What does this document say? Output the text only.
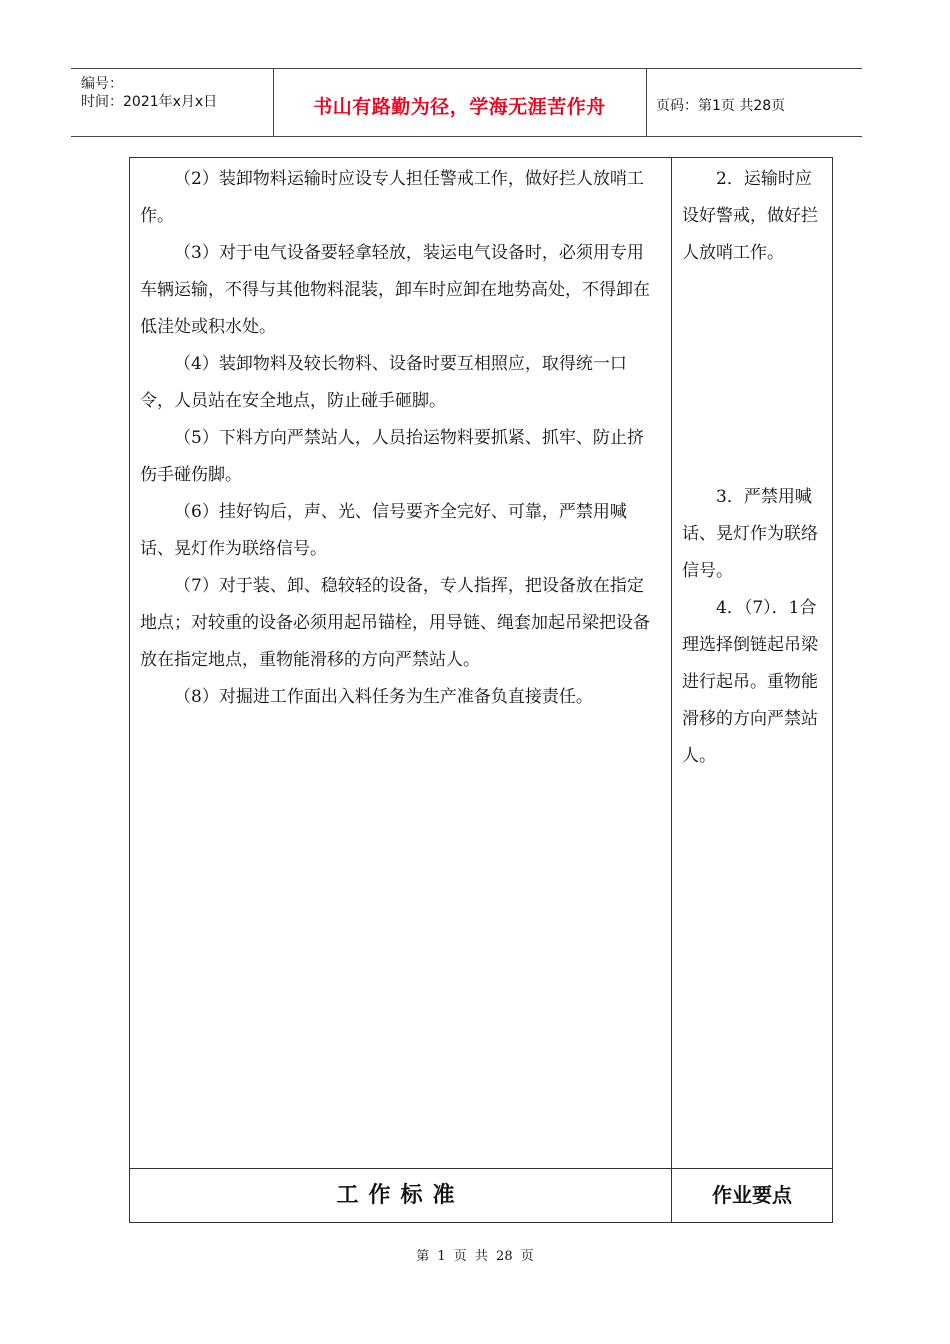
编号：
时间：2021年x月x日	书山有路勤为径，学海无涯苦作舟	页码：第1页 共28页

（2）装卸物料运输时应设专人担任警戒工作，做好拦人放哨工作。

（3）对于电气设备要轻拿轻放，装运电气设备时，必须用专用车辆运输，不得与其他物料混装，卸车时应卸在地势高处，不得卸在低洼处或积水处。

（4）装卸物料及较长物料、设备时要互相照应，取得统一口令，人员站在安全地点，防止碰手砸脚。

（5）下料方向严禁站人，人员抬运物料要抓紧、抓牢、防止挤伤手碰伤脚。

（6）挂好钩后，声、光、信号要齐全完好、可靠，严禁用喊话、晃灯作为联络信号。

（7）对于装、卸、稳较轻的设备，专人指挥，把设备放在指定地点；对较重的设备必须用起吊锚栓，用导链、绳套加起吊梁把设备放在指定地点，重物能滑移的方向严禁站人。

（8）对掘进工作面出入料任务为生产准备负直接责任。

2．运输时应设好警戒，做好拦人放哨工作。

3．严禁用喊话、晃灯作为联络信号。

4．（7）．1合理选择倒链起吊梁进行起吊。重物能滑移的方向严禁站人。

工作标准	作业要点
第 1 页 共 28 页
